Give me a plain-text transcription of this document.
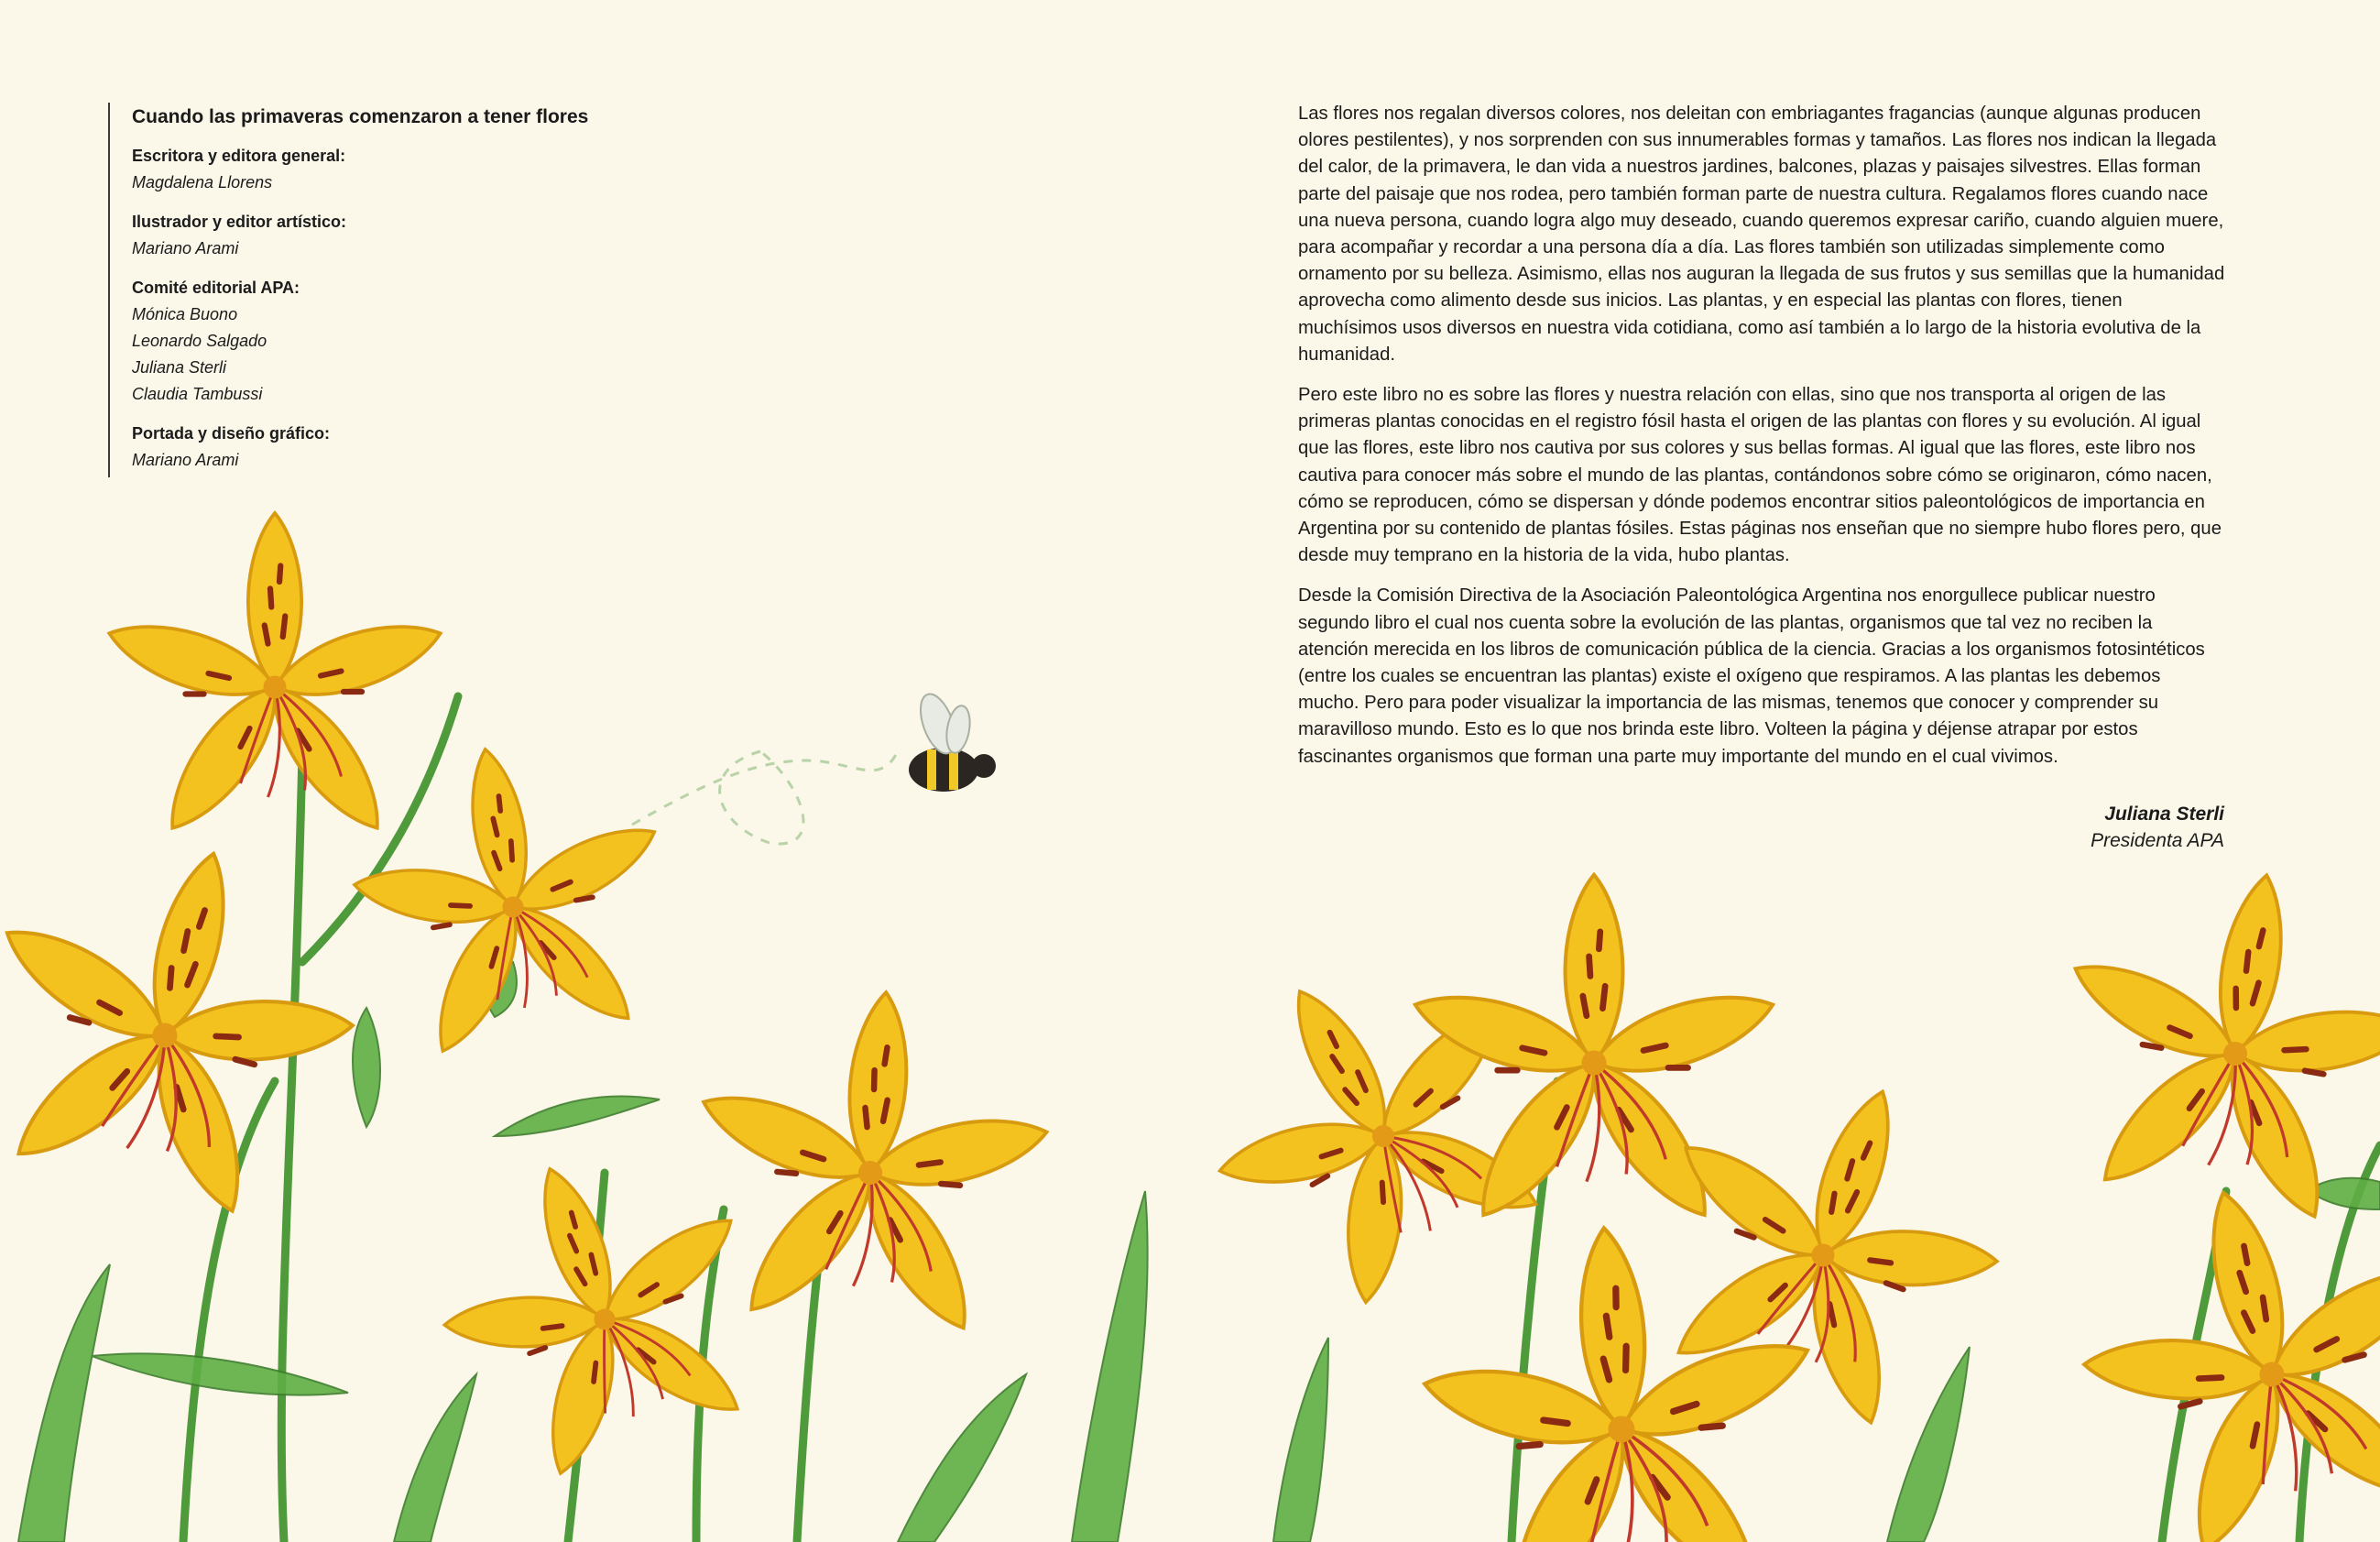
Cuando las primaveras comenzaron a tener flores
Escritora y editora general:
Magdalena Llorens
Ilustrador y editor artístico:
Mariano Arami
Comité editorial APA:
Mónica Buono
Leonardo Salgado
Juliana Sterli
Claudia Tambussi
Portada y diseño gráfico:
Mariano Arami

Las flores nos regalan diversos colores, nos deleitan con embriagantes fragancias (aunque algunas producen olores pestilentes), y nos sorprenden con sus innumerables formas y tamaños. Las flores nos indican la llegada del calor, de la primavera, le dan vida a nuestros jardines, balcones, plazas y paisajes silvestres. Ellas forman parte del paisaje que nos rodea, pero también forman parte de nuestra cultura. Regalamos flores cuando nace una nueva persona, cuando logra algo muy deseado, cuando queremos expresar cariño, cuando alguien muere, para acompañar y recordar a una persona día a día. Las flores también son utilizadas simplemente como ornamento por su belleza. Asimismo, ellas nos auguran la llegada de sus frutos y sus semillas que la humanidad aprovecha como alimento desde sus inicios. Las plantas, y en especial las plantas con flores, tienen muchísimos usos diversos en nuestra vida cotidiana, como así también a lo largo de la historia evolutiva de la humanidad.

Pero este libro no es sobre las flores y nuestra relación con ellas, sino que nos transporta al origen de las primeras plantas conocidas en el registro fósil hasta el origen de las plantas con flores y su evolución. Al igual que las flores, este libro nos cautiva por sus colores y sus bellas formas. Al igual que las flores, este libro nos cautiva para conocer más sobre el mundo de las plantas, contándonos sobre cómo se originaron, cómo nacen, cómo se reproducen, cómo se dispersan y dónde podemos encontrar sitios paleontológicos de importancia en Argentina por su contenido de plantas fósiles. Estas páginas nos enseñan que no siempre hubo flores pero, que desde muy temprano en la historia de la vida, hubo plantas.

Desde la Comisión Directiva de la Asociación Paleontológica Argentina nos enorgullece publicar nuestro segundo libro el cual nos cuenta sobre la evolución de las plantas, organismos que tal vez no reciben la atención merecida en los libros de comunicación pública de la ciencia. Gracias a los organismos fotosintéticos (entre los cuales se encuentran las plantas) existe el oxígeno que respiramos. A las plantas les debemos mucho. Pero para poder visualizar la importancia de las mismas, tenemos que conocer y comprender su maravilloso mundo. Esto es lo que nos brinda este libro. Volteen la página y déjense atrapar por estos fascinantes organismos que forman una parte muy importante del mundo en el cual vivimos.

Juliana Sterli
Presidenta APA
